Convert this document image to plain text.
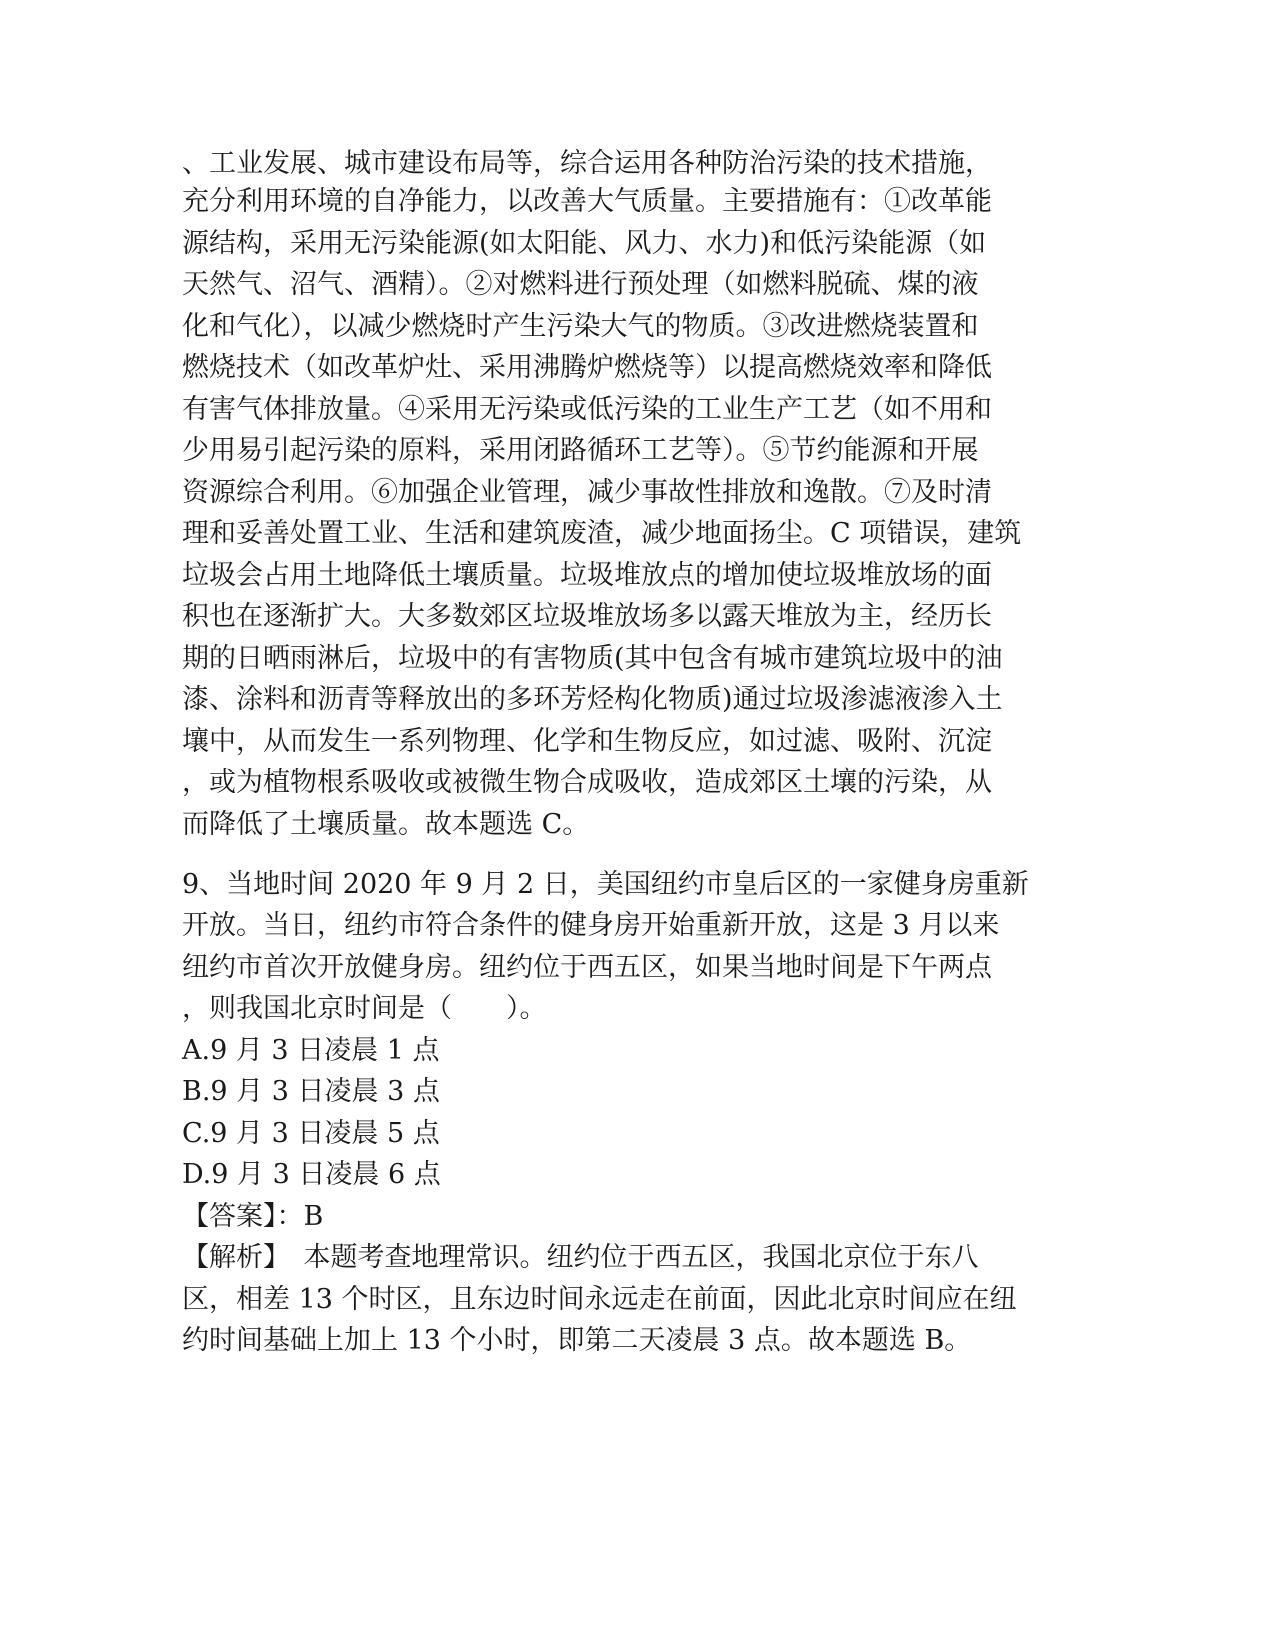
、工业发展、城市建设布局等，综合运用各种防治污染的技术措施，
充分利用环境的自净能力，以改善大气质量。主要措施有：①改革能
源结构，采用无污染能源(如太阳能、风力、水力)和低污染能源（如
天然气、沼气、酒精）。②对燃料进行预处理（如燃料脱硫、煤的液
化和气化），以减少燃烧时产生污染大气的物质。③改进燃烧装置和
燃烧技术（如改革炉灶、采用沸腾炉燃烧等）以提高燃烧效率和降低
有害气体排放量。④采用无污染或低污染的工业生产工艺（如不用和
少用易引起污染的原料，采用闭路循环工艺等）。⑤节约能源和开展
资源综合利用。⑥加强企业管理，减少事故性排放和逸散。⑦及时清
理和妥善处置工业、生活和建筑废渣，减少地面扬尘。C 项错误，建筑
垃圾会占用土地降低土壤质量。垃圾堆放点的增加使垃圾堆放场的面
积也在逐渐扩大。大多数郊区垃圾堆放场多以露天堆放为主，经历长
期的日晒雨淋后，垃圾中的有害物质(其中包含有城市建筑垃圾中的油
漆、涂料和沥青等释放出的多环芳烃构化物质)通过垃圾渗滤液渗入土
壤中，从而发生一系列物理、化学和生物反应，如过滤、吸附、沉淀
，或为植物根系吸收或被微生物合成吸收，造成郊区土壤的污染，从
而降低了土壤质量。故本题选 C。
9、当地时间 2020 年 9 月 2 日，美国纽约市皇后区的一家健身房重新
开放。当日，纽约市符合条件的健身房开始重新开放，这是 3 月以来
纽约市首次开放健身房。纽约位于西五区，如果当地时间是下午两点
，则我国北京时间是（　　）。
A.9 月 3 日凌晨 1 点
B.9 月 3 日凌晨 3 点
C.9 月 3 日凌晨 5 点
D.9 月 3 日凌晨 6 点
【答案】：B
【解析】　本题考查地理常识。纽约位于西五区，我国北京位于东八
区，相差 13 个时区，且东边时间永远走在前面，因此北京时间应在纽
约时间基础上加上 13 个小时，即第二天凌晨 3 点。故本题选 B。
